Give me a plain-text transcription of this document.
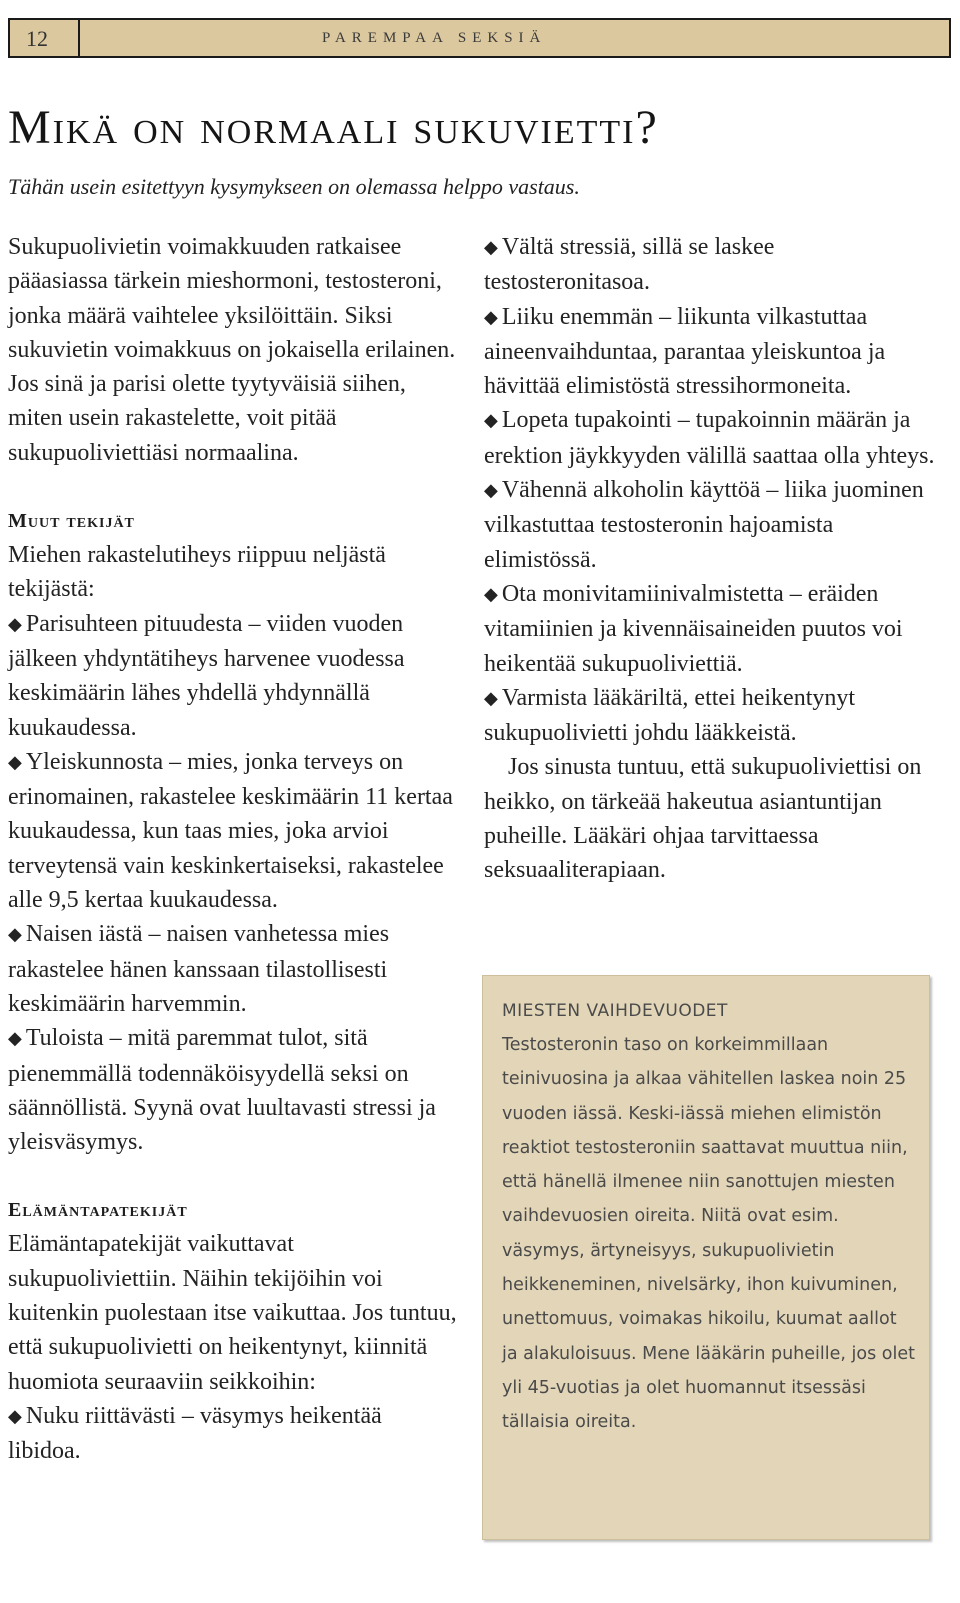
12	PAREMPAA SEKSIÄ
Mikä on normaali sukuvietti?

Tähän usein esitettyyn kysymykseen on olemassa helppo vastaus.

Sukupuolivietin voimakkuuden ratkaisee pääasiassa tärkein mieshormoni, testosteroni, jonka määrä vaihtelee yksilöittäin. Siksi sukuvietin voimakkuus on jokaisella erilainen. Jos sinä ja parisi olette tyytyväisiä siihen, miten usein rakastelette, voit pitää sukupuoliviettiäsi normaalina.

Muut tekijät

Miehen rakastelutiheys riippuu neljästä tekijästä:

◆ Parisuhteen pituudesta – viiden vuoden jälkeen yhdyntätiheys harvenee vuodessa keskimäärin lähes yhdellä yhdynnällä kuukaudessa.

◆ Yleiskunnosta – mies, jonka terveys on erinomainen, rakastelee keskimäärin 11 kertaa kuukaudessa, kun taas mies, joka arvioi terveytensä vain keskinkertaiseksi, rakastelee alle 9,5 kertaa kuukaudessa.

◆ Naisen iästä – naisen vanhetessa mies rakastelee hänen kanssaan tilastollisesti keskimäärin harvemmin.

◆ Tuloista – mitä paremmat tulot, sitä pienemmällä todennäköisyydellä seksi on säännöllistä. Syynä ovat luultavasti stressi ja yleisväsymys.

Elämäntapatekijät

Elämäntapatekijät vaikuttavat sukupuoliviettiin. Näihin tekijöihin voi kuitenkin puolestaan itse vaikuttaa. Jos tuntuu, että sukupuolivietti on heikentynyt, kiinnitä huomiota seuraaviin seikkoihin:

◆ Nuku riittävästi – väsymys heikentää libidoa.

◆ Vältä stressiä, sillä se laskee testosteronitasoa.

◆ Liiku enemmän – liikunta vilkastuttaa aineenvaihduntaa, parantaa yleiskuntoa ja hävittää elimistöstä stressihormoneita.

◆ Lopeta tupakointi – tupakoinnin määrän ja erektion jäykkyyden välillä saattaa olla yhteys.

◆ Vähennä alkoholin käyttöä – liika juominen vilkastuttaa testosteronin hajoamista elimistössä.

◆ Ota monivitamiinivalmistetta – eräiden vitamiinien ja kivennäisaineiden puutos voi heikentää sukupuoliviettiä.

◆ Varmista lääkäriltä, ettei heikentynyt sukupuolivietti johdu lääkkeistä.

Jos sinusta tuntuu, että sukupuoliviettisi on heikko, on tärkeää hakeutua asiantuntijan puheille. Lääkäri ohjaa tarvittaessa seksuaaliterapiaan.

MIESTEN VAIHDEVUODET

Testosteronin taso on korkeimmillaan teinivuosina ja alkaa vähitellen laskea noin 25 vuoden iässä. Keski-iässä miehen elimistön reaktiot testosteroniin saattavat muuttua niin, että hänellä ilmenee niin sanottujen miesten vaihdevuosien oireita. Niitä ovat esim. väsymys, ärtyneisyys, sukupuolivietin heikkeneminen, nivelsärky, ihon kuivuminen, unettomuus, voimakas hikoilu, kuumat aallot ja alakuloisuus. Mene lääkärin puheille, jos olet yli 45-vuotias ja olet huomannut itsessäsi tällaisia oireita.
